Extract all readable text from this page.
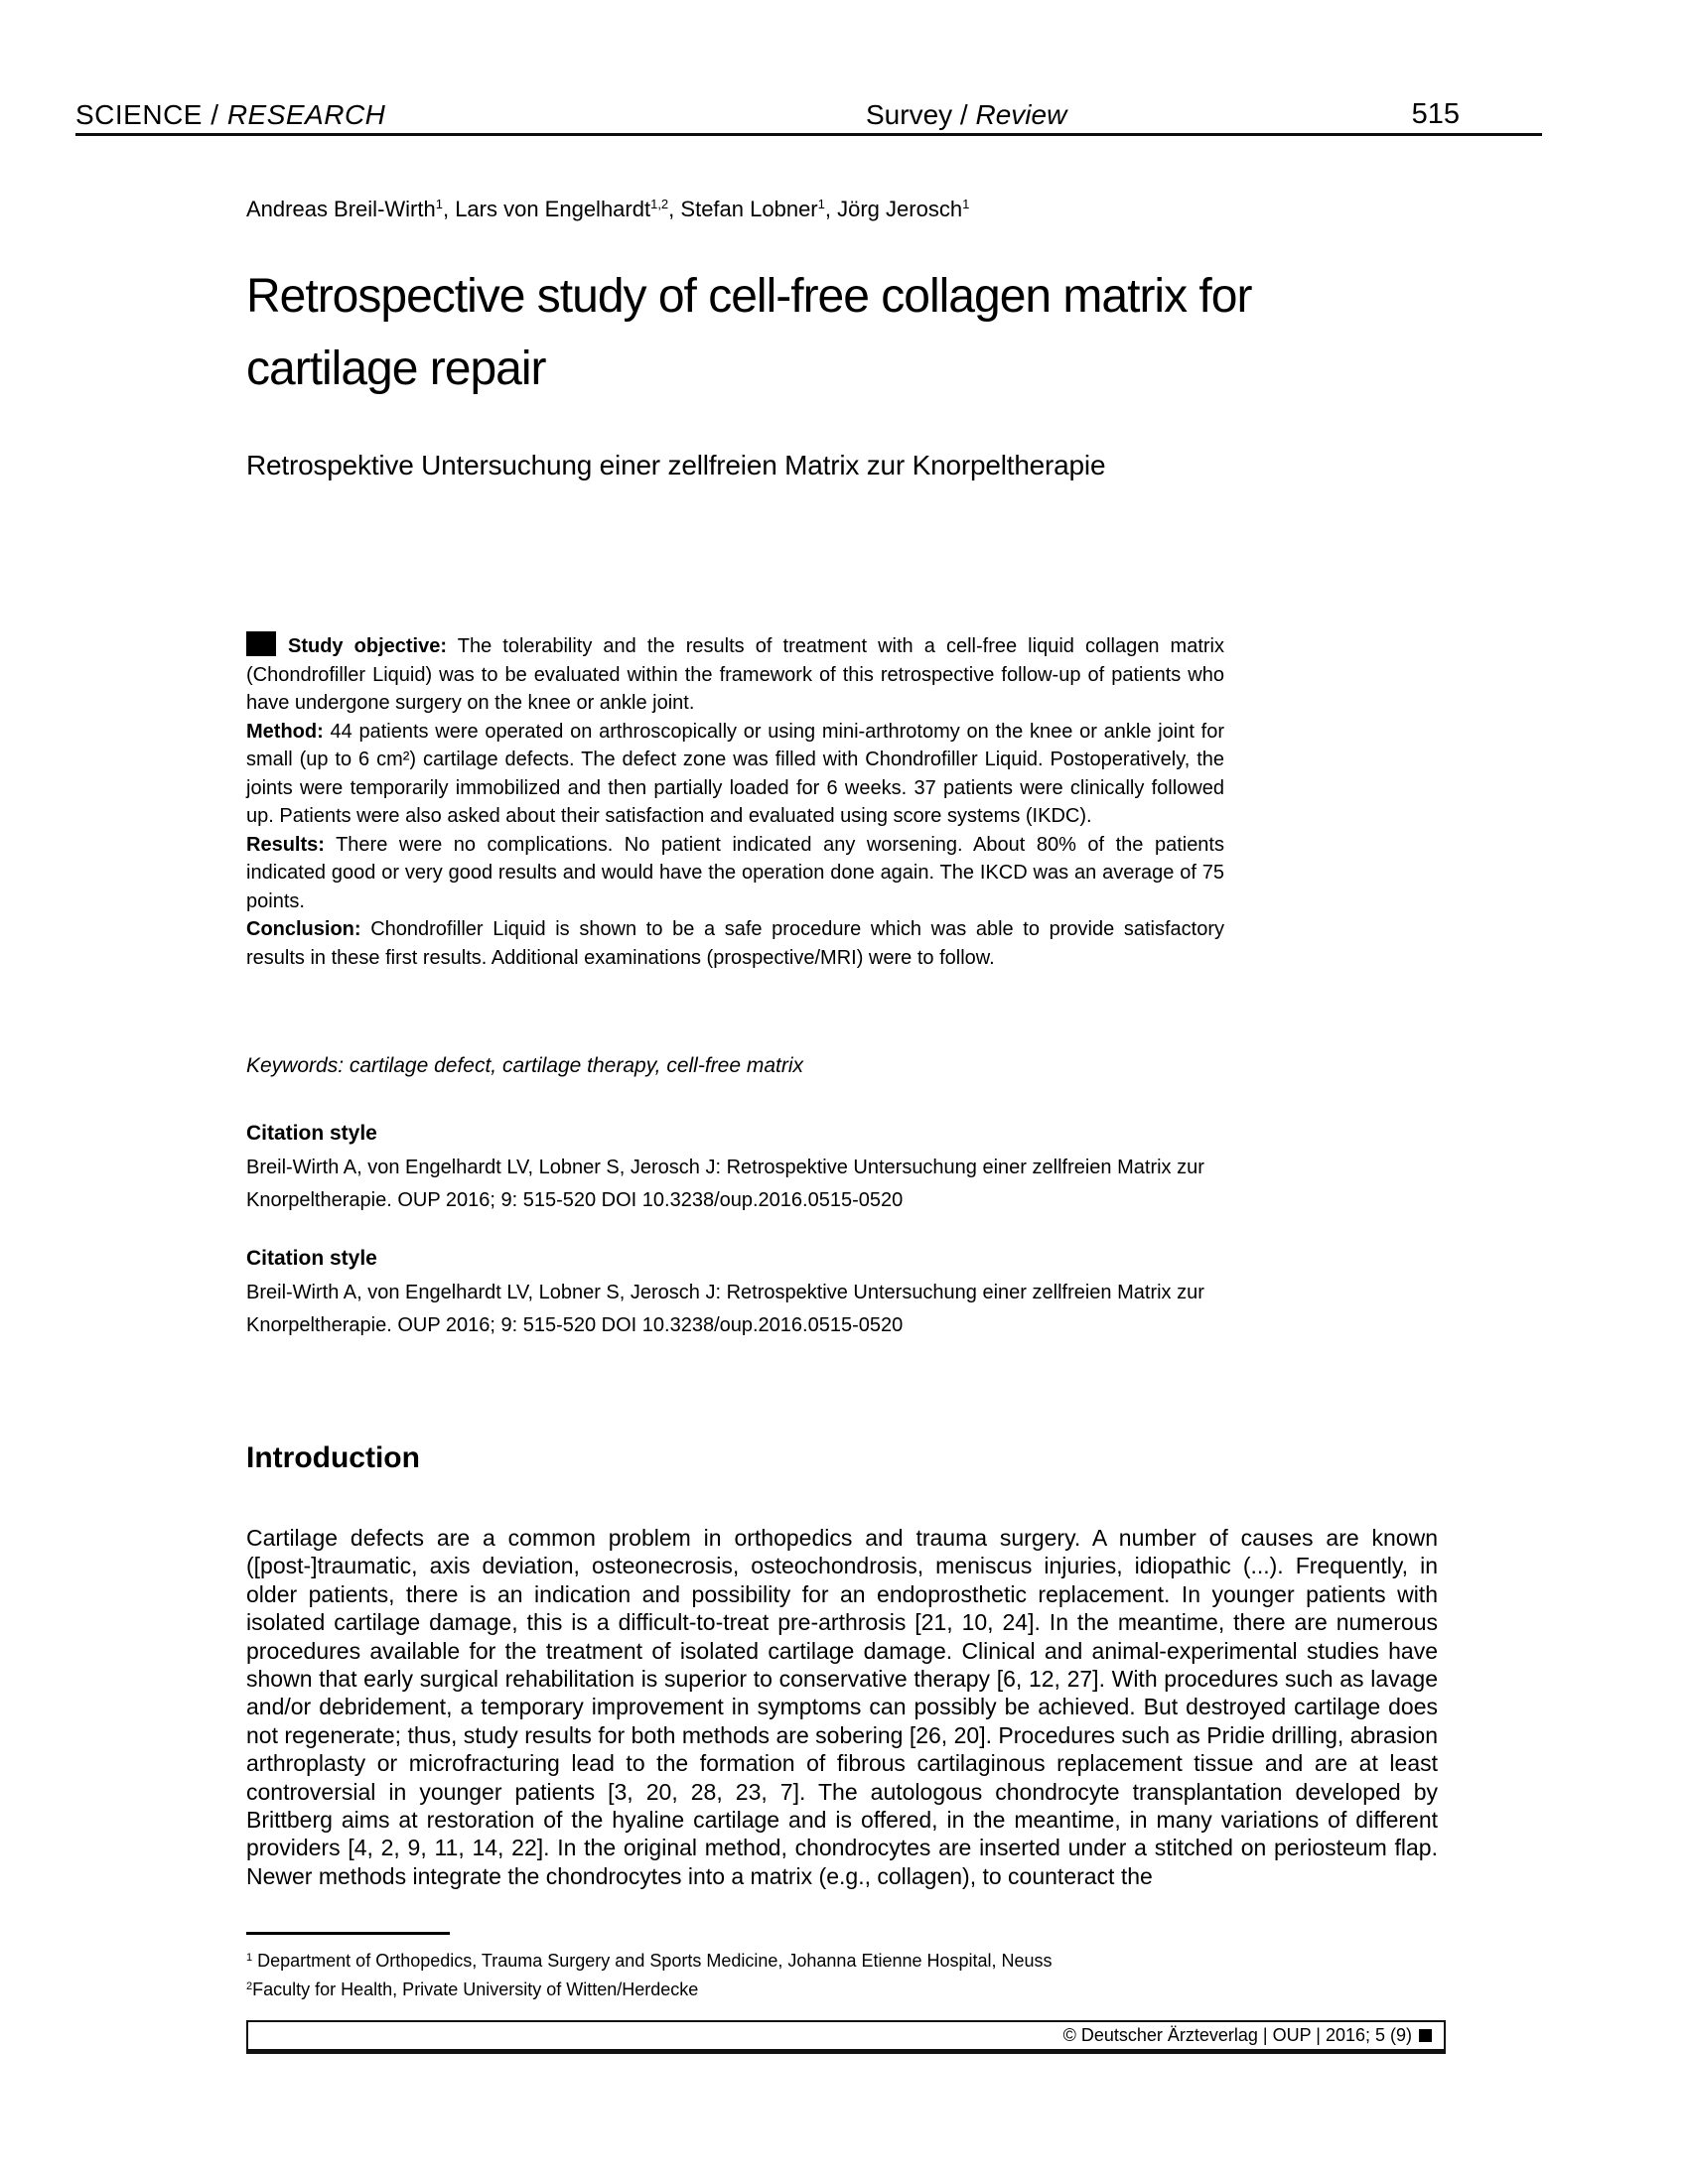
SCIENCE / RESEARCH	Survey / Review	515
Andreas Breil-Wirth$^1$, Lars von Engelhardt$^{1,2}$, Stefan Lobner$^1$, Jörg Jerosch$^1$
Retrospective study of cell-free collagen matrix for cartilage repair
Retrospektive Untersuchung einer zellfreien Matrix zur Knorpeltherapie

Study objective: The tolerability and the results of treatment with a cell-free liquid collagen matrix (Chondrofiller Liquid) was to be evaluated within the framework of this retrospective follow-up of patients who have undergone surgery on the knee or ankle joint.

Method: 44 patients were operated on arthroscopically or using mini-arthrotomy on the knee or ankle joint for small (up to 6 cm²) cartilage defects. The defect zone was filled with Chondrofiller Liquid. Postoperatively, the joints were temporarily immobilized and then partially loaded for 6 weeks. 37 patients were clinically followed up. Patients were also asked about their satisfaction and evaluated using score systems (IKDC).

Results: There were no complications. No patient indicated any worsening. About 80% of the patients indicated good or very good results and would have the operation done again. The IKCD was an average of 75 points.

Conclusion: Chondrofiller Liquid is shown to be a safe procedure which was able to provide satisfactory results in these first results. Additional examinations (prospective/MRI) were to follow.

Keywords: cartilage defect, cartilage therapy, cell-free matrix

Citation style

Breil-Wirth A, von Engelhardt LV, Lobner S, Jerosch J: Retrospektive Untersuchung einer zellfreien Matrix zur Knorpeltherapie. OUP 2016; 9: 515-520 DOI 10.3238/oup.2016.0515-0520

Citation style

Breil-Wirth A, von Engelhardt LV, Lobner S, Jerosch J: Retrospektive Untersuchung einer zellfreien Matrix zur Knorpeltherapie. OUP 2016; 9: 515-520 DOI 10.3238/oup.2016.0515-0520

Introduction

Cartilage defects are a common problem in orthopedics and trauma surgery. A number of causes are known ([post-]traumatic, axis deviation, osteonecrosis, osteochondrosis, meniscus injuries, idiopathic (...). Frequently, in older patients, there is an indication and possibility for an endoprosthetic replacement. In younger patients with isolated cartilage damage, this is a difficult-to-treat pre-arthrosis [21, 10, 24]. In the meantime, there are numerous procedures available for the treatment of isolated cartilage damage. Clinical and animal-experimental studies have shown that early surgical rehabilitation is superior to conservative therapy [6, 12, 27]. With procedures such as lavage and/or debridement, a temporary improvement in symptoms can possibly be achieved. But destroyed cartilage does not regenerate; thus, study results for both methods are sobering [26, 20]. Procedures such as Pridie drilling, abrasion arthroplasty or microfracturing lead to the formation of fibrous cartilaginous replacement tissue and are at least controversial in younger patients [3, 20, 28, 23, 7]. The autologous chondrocyte transplantation developed by Brittberg aims at restoration of the hyaline cartilage and is offered, in the meantime, in many variations of different providers [4, 2, 9, 11, 14, 22]. In the original method, chondrocytes are inserted under a stitched on periosteum flap. Newer methods integrate the chondrocytes into a matrix (e.g., collagen), to counteract the

$^1$ Department of Orthopedics, Trauma Surgery and Sports Medicine, Johanna Etienne Hospital, Neuss

$^2$Faculty for Health, Private University of Witten/Herdecke

© Deutscher Ärzteverlag | OUP | 2016; 5 (9)
